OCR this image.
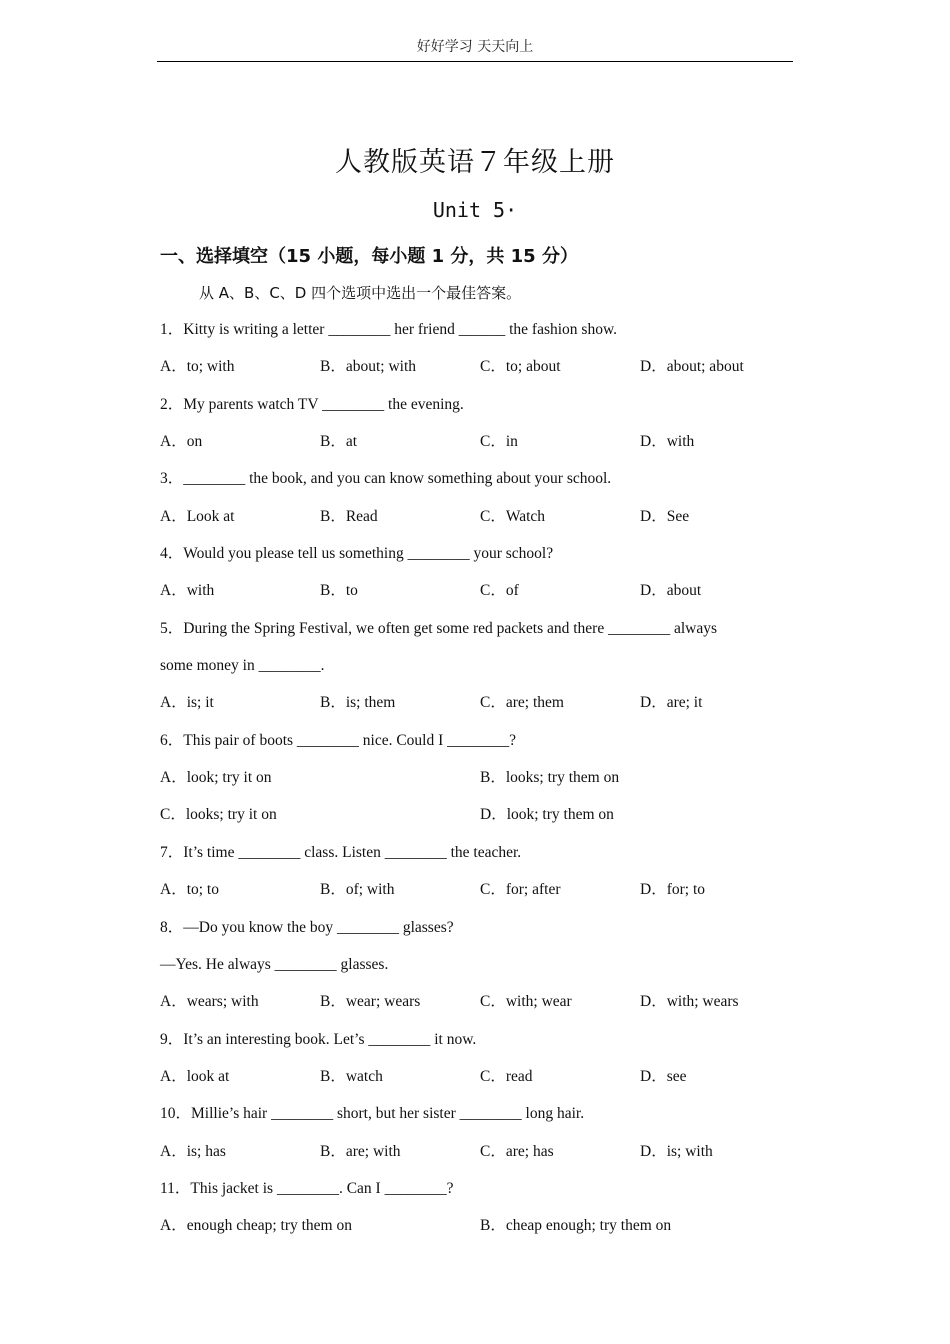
好好学习 天天向上
人教版英语７年级上册
Unit 5·
一、选择填空（15 小题，每小题 1 分，共 15 分）
从 A、B、C、D 四个选项中选出一个最佳答案。
1．Kitty is writing a letter ________ her friend ______ the fashion show.
A．to; with	B．about; with	C．to; about	D．about; about
2．My parents watch TV ________ the evening.
A．on	B．at	C．in	D．with
3．________ the book, and you can know something about your school.
A．Look at	B．Read	C．Watch	D．See
4．Would you please tell us something ________ your school?
A．with	B．to	C．of	D．about
5．During the Spring Festival, we often get some red packets and there ________ always
some money in ________.
A．is; it	B．is; them	C．are; them	D．are; it
6．This pair of boots ________ nice. Could I ________?
A．look; try it on	B．looks; try them on
C．looks; try it on	D．look; try them on
7．It’s time ________ class. Listen ________ the teacher.
A．to; to	B．of; with	C．for; after	D．for; to
8．—Do you know the boy ________ glasses?
—Yes. He always ________ glasses.
A．wears; with	B．wear; wears	C．with; wear	D．with; wears
9．It’s an interesting book. Let’s ________ it now.
A．look at	B．watch	C．read	D．see
10．Millie’s hair ________ short, but her sister ________ long hair.
A．is; has	B．are; with	C．are; has	D．is; with
11．This jacket is ________. Can I ________?
A．enough cheap; try them on	B．cheap enough; try them on
